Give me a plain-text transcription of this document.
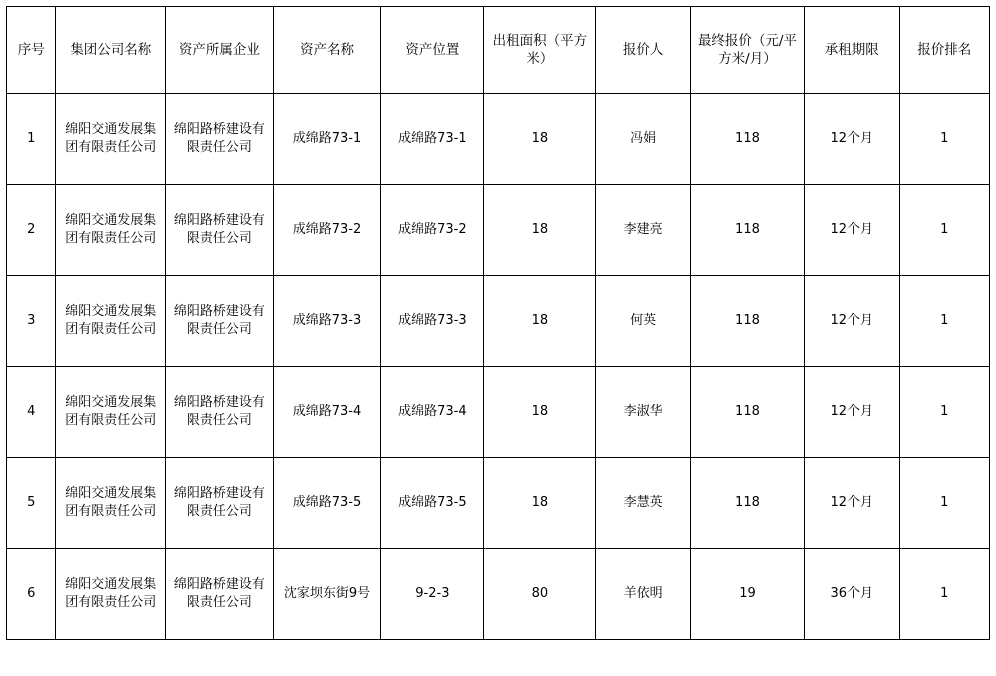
序号	集团公司名称	资产所属企业	资产名称	资产位置	出租面积（平方米）	报价人	最终报价（元/平方米/月）	承租期限	报价排名
1	绵阳交通发展集团有限责任公司	绵阳路桥建设有限责任公司	成绵路73-1	成绵路73-1	18	冯娟	118	12个月	1
2	绵阳交通发展集团有限责任公司	绵阳路桥建设有限责任公司	成绵路73-2	成绵路73-2	18	李建亮	118	12个月	1
3	绵阳交通发展集团有限责任公司	绵阳路桥建设有限责任公司	成绵路73-3	成绵路73-3	18	何英	118	12个月	1
4	绵阳交通发展集团有限责任公司	绵阳路桥建设有限责任公司	成绵路73-4	成绵路73-4	18	李淑华	118	12个月	1
5	绵阳交通发展集团有限责任公司	绵阳路桥建设有限责任公司	成绵路73-5	成绵路73-5	18	李慧英	118	12个月	1
6	绵阳交通发展集团有限责任公司	绵阳路桥建设有限责任公司	沈家坝东街9号	9-2-3	80	羊依明	19	36个月	1
